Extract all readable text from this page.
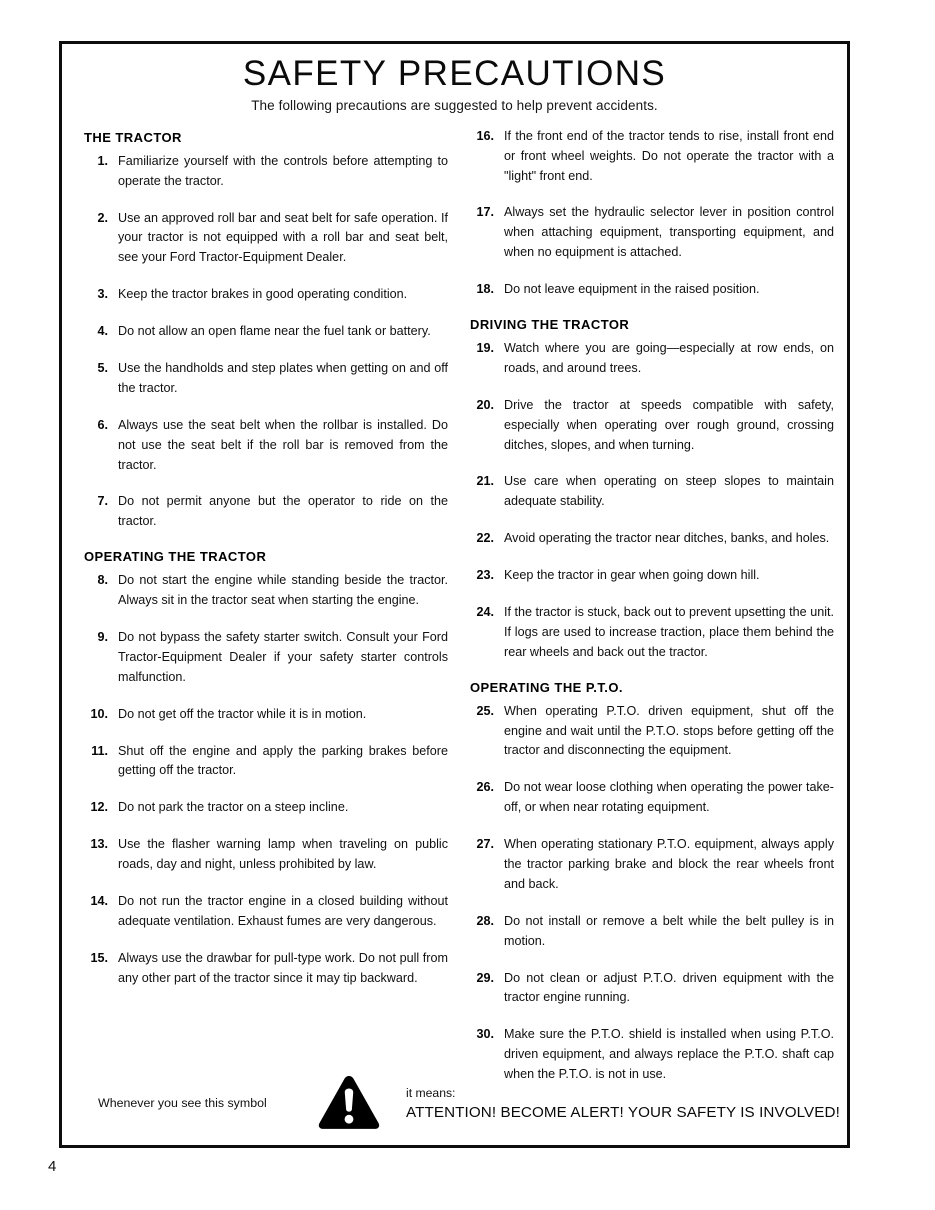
SAFETY PRECAUTIONS

The following precautions are suggested to help prevent accidents.

THE TRACTOR
1. Familiarize yourself with the controls before attempting to operate the tractor.
2. Use an approved roll bar and seat belt for safe operation. If your tractor is not equipped with a roll bar and seat belt, see your Ford Tractor-Equipment Dealer.
3. Keep the tractor brakes in good operating condition.
4. Do not allow an open flame near the fuel tank or battery.
5. Use the handholds and step plates when getting on and off the tractor.
6. Always use the seat belt when the rollbar is installed. Do not use the seat belt if the roll bar is removed from the tractor.
7. Do not permit anyone but the operator to ride on the tractor.
OPERATING THE TRACTOR
8. Do not start the engine while standing beside the tractor. Always sit in the tractor seat when starting the engine.
9. Do not bypass the safety starter switch. Consult your Ford Tractor-Equipment Dealer if your safety starter controls malfunction.
10. Do not get off the tractor while it is in motion.
11. Shut off the engine and apply the parking brakes before getting off the tractor.
12. Do not park the tractor on a steep incline.
13. Use the flasher warning lamp when traveling on public roads, day and night, unless prohibited by law.
14. Do not run the tractor engine in a closed building without adequate ventilation. Exhaust fumes are very dangerous.
15. Always use the drawbar for pull-type work. Do not pull from any other part of the tractor since it may tip backward.
16. If the front end of the tractor tends to rise, install front end or front wheel weights. Do not operate the tractor with a "light" front end.
17. Always set the hydraulic selector lever in position control when attaching equipment, transporting equipment, and when no equipment is attached.
18. Do not leave equipment in the raised position.
DRIVING THE TRACTOR
19. Watch where you are going—especially at row ends, on roads, and around trees.
20. Drive the tractor at speeds compatible with safety, especially when operating over rough ground, crossing ditches, slopes, and when turning.
21. Use care when operating on steep slopes to maintain adequate stability.
22. Avoid operating the tractor near ditches, banks, and holes.
23. Keep the tractor in gear when going down hill.
24. If the tractor is stuck, back out to prevent upsetting the unit. If logs are used to increase traction, place them behind the rear wheels and back out the tractor.
OPERATING THE P.T.O.
25. When operating P.T.O. driven equipment, shut off the engine and wait until the P.T.O. stops before getting off the tractor and disconnecting the equipment.
26. Do not wear loose clothing when operating the power take-off, or when near rotating equipment.
27. When operating stationary P.T.O. equipment, always apply the tractor parking brake and block the rear wheels front and back.
28. Do not install or remove a belt while the belt pulley is in motion.
29. Do not clean or adjust P.T.O. driven equipment with the tractor engine running.
30. Make sure the P.T.O. shield is installed when using P.T.O. driven equipment, and always replace the P.T.O. shaft cap when the P.T.O. is not in use.
Whenever you see this symbol
it means:
ATTENTION! BECOME ALERT! YOUR SAFETY IS INVOLVED!
4
